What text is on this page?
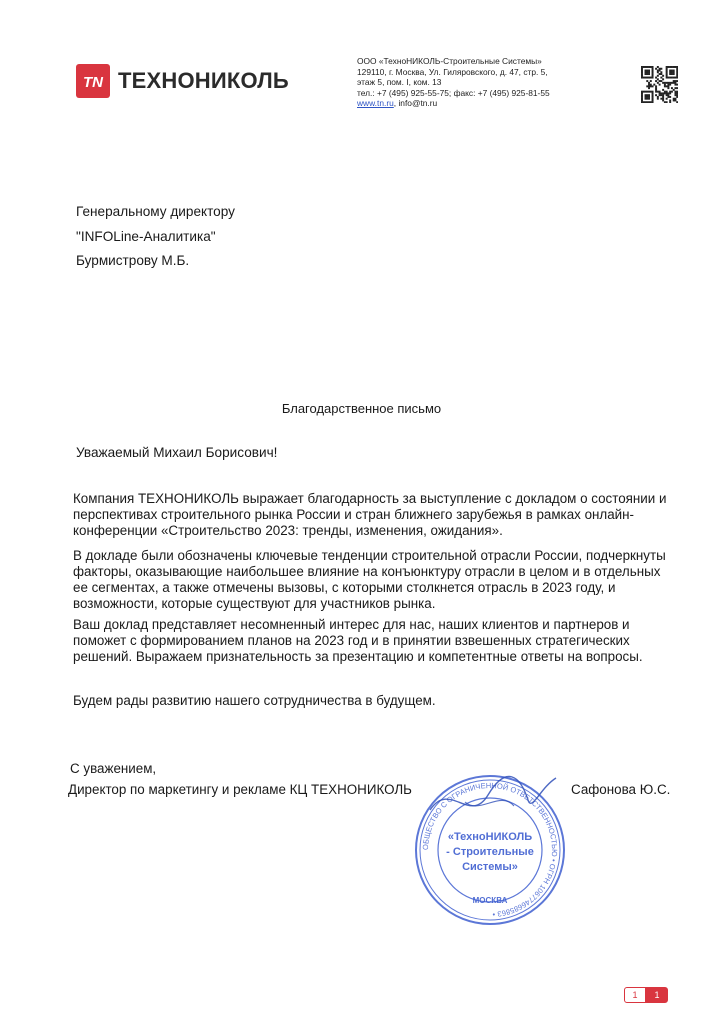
TN ТЕХНОНИКОЛЬ
ООО «ТехноНИКОЛЬ-Строительные Системы»
129110, г. Москва, Ул. Гиляровского, д. 47, стр. 5,
этаж 5, пом. I, ком. 13
тел.: +7 (495) 925-55-75; факс: +7 (495) 925-81-55
www.tn.ru, info@tn.ru
Генеральному директору
"INFOLine-Аналитика"
Бурмистрову М.Б.
Благодарственное письмо
Уважаемый Михаил Борисович!
Компания ТЕХНОНИКОЛЬ выражает благодарность за выступление с докладом о состоянии и перспективах строительного рынка России и стран ближнего зарубежья в рамках онлайн-конференции «Строительство 2023: тренды, изменения, ожидания».
В докладе были обозначены ключевые тенденции строительной отрасли России, подчеркнуты факторы, оказывающие наибольшее влияние на конъюнктуру отрасли в целом и в отдельных ее сегментах, а также отмечены вызовы, с которыми столкнется отрасль в 2023 году, и возможности, которые существуют для участников рынка.
Ваш доклад представляет несомненный интерес для нас, наших клиентов и партнеров и поможет с формированием планов на 2023 год и в принятии взвешенных стратегических решений. Выражаем признательность за презентацию и компетентные ответы на вопросы.
Будем рады развитию нашего сотрудничества в будущем.
С уважением,
Директор по маркетингу и рекламе КЦ ТЕХНОНИКОЛЬ	Сафонова Ю.С.
ОБЩЕСТВО С ОГРАНИЧЕННОЙ ОТВЕТСТВЕННОСТЬЮ • ОГРН 1067746685863 •
«ТехноНИКОЛЬ
- Строительные
Системы»
МОСКВА
1	1
